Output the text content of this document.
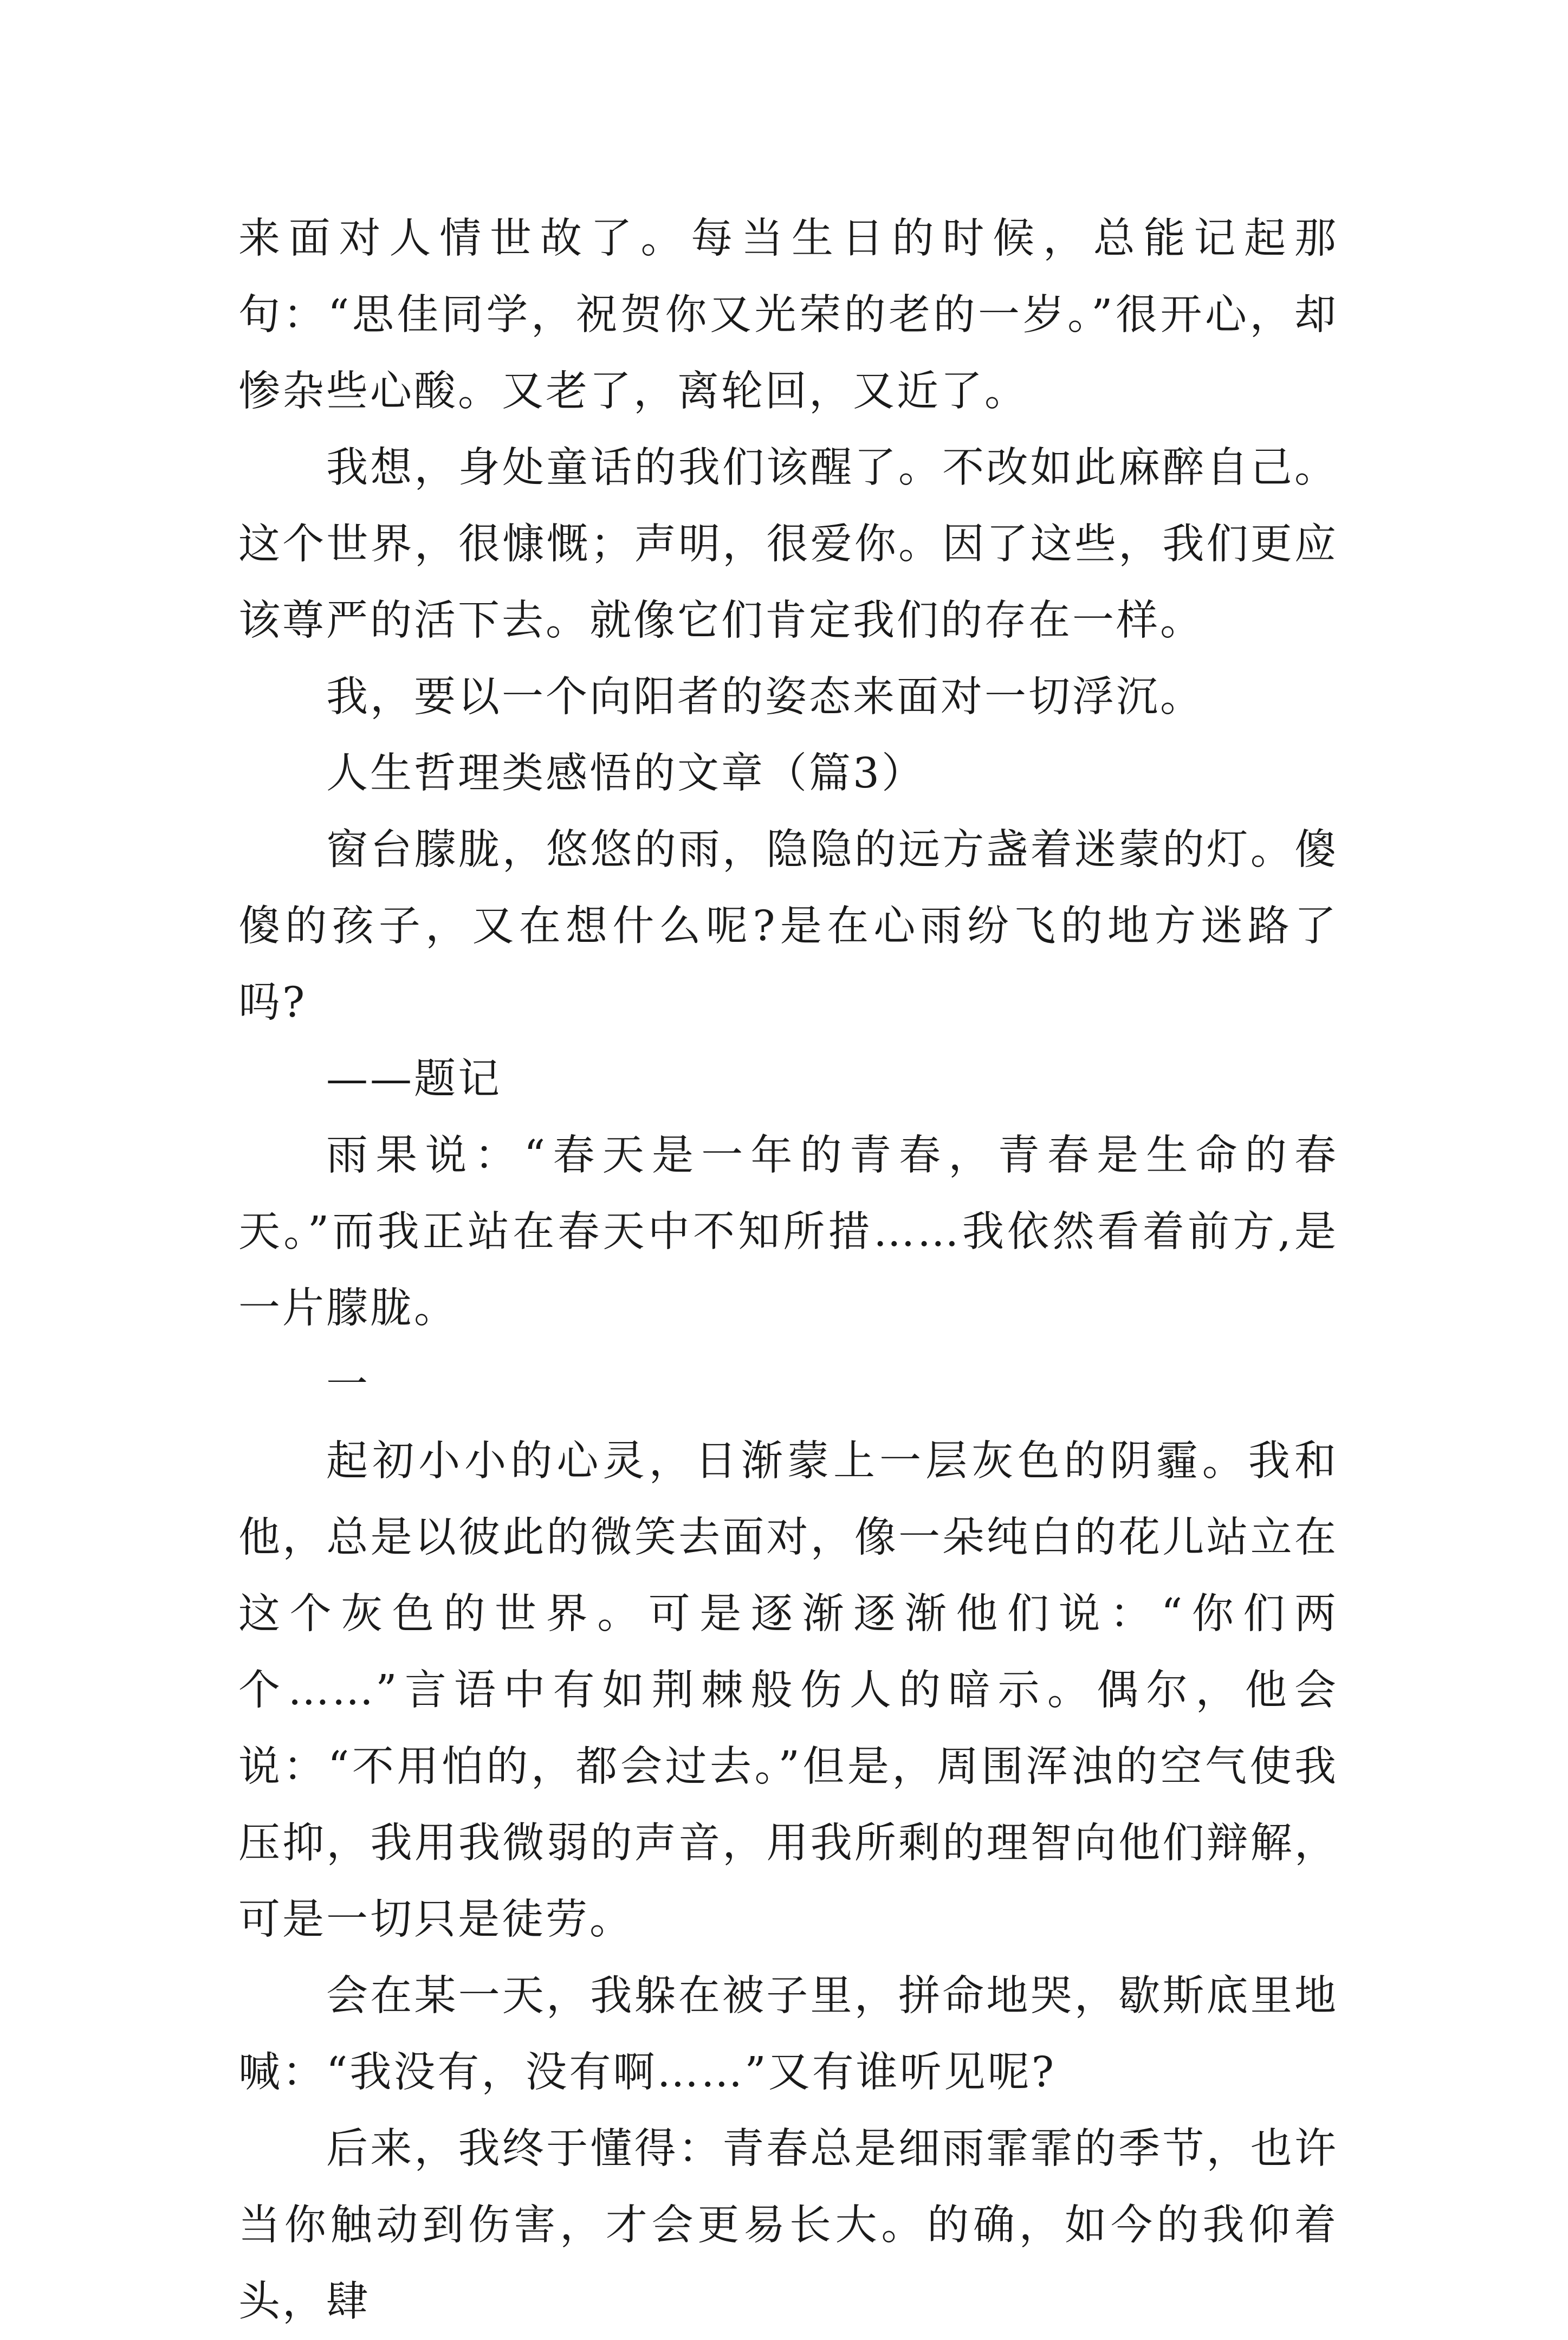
来面对人情世故了。每当生日的时候，总能记起那句：“思佳同学，祝贺你又光荣的老的一岁。”很开心，却惨杂些心酸。又老了，离轮回，又近了。

我想，身处童话的我们该醒了。不改如此麻醉自己。这个世界，很慷慨；声明，很爱你。因了这些，我们更应该尊严的活下去。就像它们肯定我们的存在一样。

我，要以一个向阳者的姿态来面对一切浮沉。

人生哲理类感悟的文章（篇3）

窗台朦胧，悠悠的雨，隐隐的远方盏着迷蒙的灯。傻傻的孩子，又在想什么呢?是在心雨纷飞的地方迷路了吗?

——题记

雨果说：“春天是一年的青春，青春是生命的春天。”而我正站在春天中不知所措……我依然看着前方,是一片朦胧。

一

起初小小的心灵，日渐蒙上一层灰色的阴霾。我和他，总是以彼此的微笑去面对，像一朵纯白的花儿站立在这个灰色的世界。可是逐渐逐渐他们说：“你们两个……”言语中有如荆棘般伤人的暗示。偶尔，他会说：“不用怕的，都会过去。”但是，周围浑浊的空气使我压抑，我用我微弱的声音，用我所剩的理智向他们辩解，可是一切只是徒劳。

会在某一天，我躲在被子里，拼命地哭，歇斯底里地喊：“我没有，没有啊……”又有谁听见呢?

后来，我终于懂得：青春总是细雨霏霏的季节，也许当你触动到伤害，才会更易长大。的确，如今的我仰着头，肆
